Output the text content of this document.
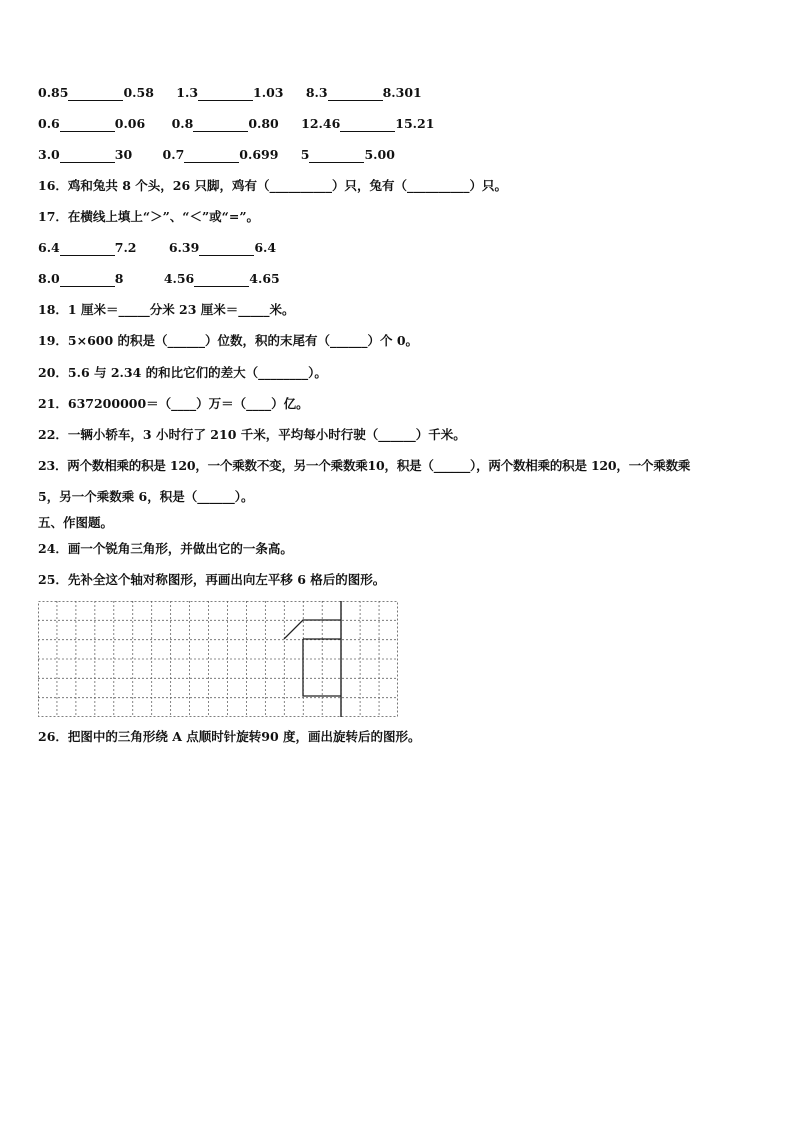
0.85	0.58
1.3	1.03
8.3	8.301
0.6	0.06
0.8	0.80
12.46	15.21
3.0	30
0.7	0.699
5	5.00
16．鸡和兔共 8 个头，26 只脚，鸡有（__________）只，兔有（__________）只。
17．在横线上填上“＞”、“＜”或“=”。
6.4	7.2
	6.39	6.4
8.0	8
	4.56	4.65
18．1 厘米＝_____分米 23 厘米＝_____米。
19．5×600 的积是（______）位数，积的末尾有（______）个 0。
20．5.6 与 2.34 的和比它们的差大（________）。
21．637200000＝（____）万＝（____）亿。
22．一辆小轿车，3 小时行了 210 千米，平均每小时行驶（______）千米。
23．两个数相乘的积是 120，一个乘数不变，另一个乘数乘10，积是（______），两个数相乘的积是 120，一个乘数乘
5，另一个乘数乘 6，积是（______）。
五、作图题。
24．画一个锐角三角形，并做出它的一条高。
25．先补全这个轴对称图形，再画出向左平移 6 格后的图形。
26．把图中的三角形绕 A 点顺时针旋转90 度，画出旋转后的图形。
